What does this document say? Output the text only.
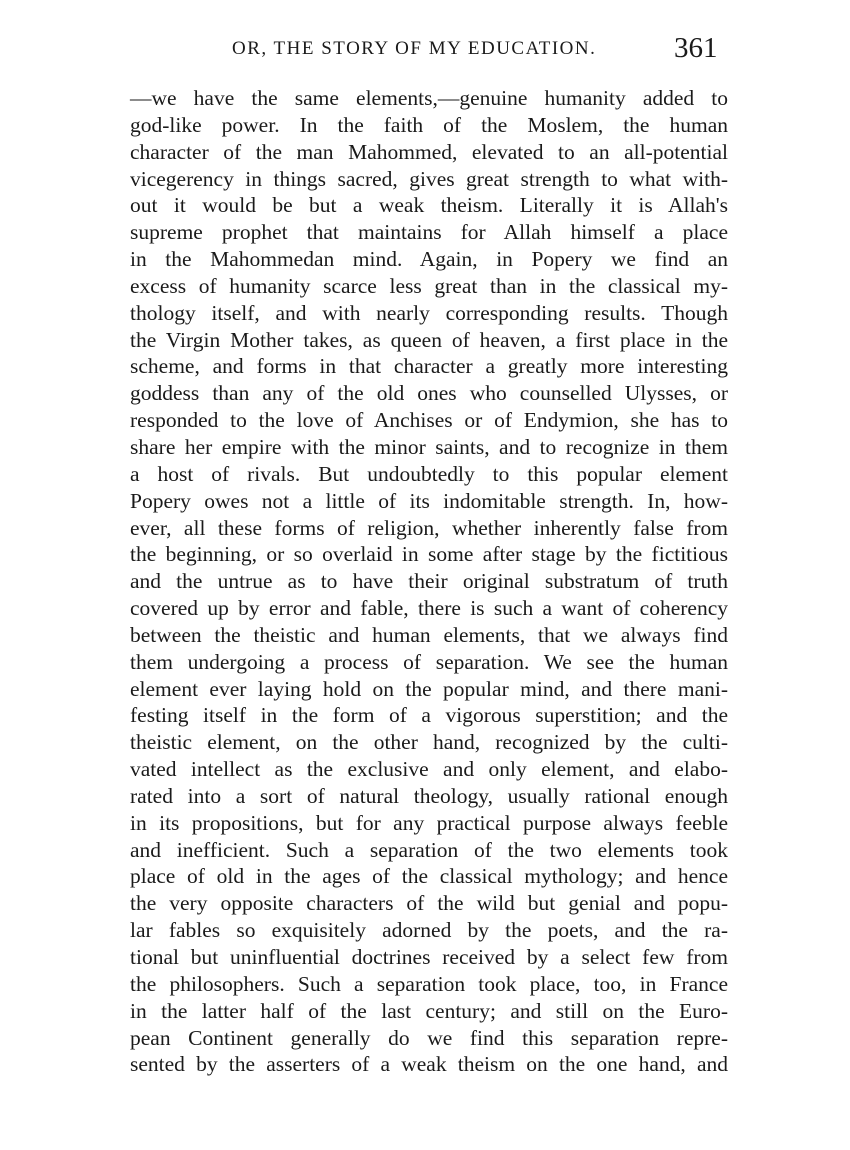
OR, THE STORY OF MY EDUCATION.	361
—we have the same elements,—genuine humanity added to
god-like power. In the faith of the Moslem, the human
character of the man Mahommed, elevated to an all-potential
vicegerency in things sacred, gives great strength to what with-
out it would be but a weak theism. Literally it is Allah's
supreme prophet that maintains for Allah himself a place
in the Mahommedan mind. Again, in Popery we find an
excess of humanity scarce less great than in the classical my-
thology itself, and with nearly corresponding results. Though
the Virgin Mother takes, as queen of heaven, a first place in the
scheme, and forms in that character a greatly more interesting
goddess than any of the old ones who counselled Ulysses, or
responded to the love of Anchises or of Endymion, she has to
share her empire with the minor saints, and to recognize in them
a host of rivals. But undoubtedly to this popular element
Popery owes not a little of its indomitable strength. In, how-
ever, all these forms of religion, whether inherently false from
the beginning, or so overlaid in some after stage by the fictitious
and the untrue as to have their original substratum of truth
covered up by error and fable, there is such a want of coherency
between the theistic and human elements, that we always find
them undergoing a process of separation. We see the human
element ever laying hold on the popular mind, and there mani-
festing itself in the form of a vigorous superstition; and the
theistic element, on the other hand, recognized by the culti-
vated intellect as the exclusive and only element, and elabo-
rated into a sort of natural theology, usually rational enough
in its propositions, but for any practical purpose always feeble
and inefficient. Such a separation of the two elements took
place of old in the ages of the classical mythology; and hence
the very opposite characters of the wild but genial and popu-
lar fables so exquisitely adorned by the poets, and the ra-
tional but uninfluential doctrines received by a select few from
the philosophers. Such a separation took place, too, in France
in the latter half of the last century; and still on the Euro-
pean Continent generally do we find this separation repre-
sented by the asserters of a weak theism on the one hand, and
